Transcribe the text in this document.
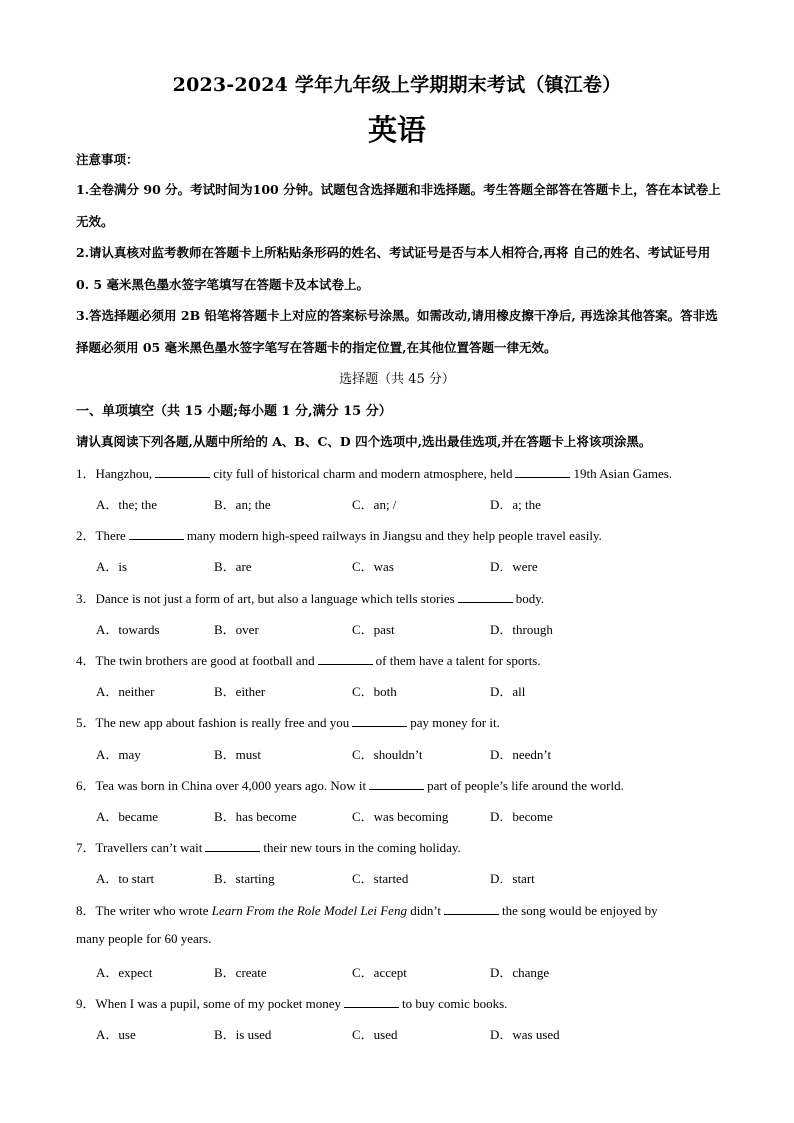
2023-2024 学年九年级上学期期末考试（镇江卷）
英语
注意事项：
1.全卷满分 90 分。考试时间为100 分钟。试题包含选择题和非选择题。考生答题全部答在答题卡上，答在本试卷上无效。
2.请认真核对监考教师在答题卡上所粘贴条形码的姓名、考试证号是否与本人相符合,再将 自己的姓名、考试证号用 0. 5 毫米黑色墨水签字笔填写在答题卡及本试卷上。
3.答选择题必须用 2B 铅笔将答题卡上对应的答案标号涂黑。如需改动,请用橡皮擦干净后, 再选涂其他答案。答非选择题必须用 05 毫米黑色墨水签字笔写在答题卡的指定位置,在其他位置答题一律无效。
选择题（共 45 分）
一、单项填空（共 15 小题;每小题 1 分,满分 15 分）
请认真阅读下列各题,从题中所给的 A、B、C、D 四个选项中,选出最佳选项,并在答题卡上将该项涂黑。
1．Hangzhou,	city full of historical charm and modern atmosphere, held	19th Asian Games.
A．the; the	B．an; the	C．an; /	D．a; the
2．There	many modern high-speed railways in Jiangsu and they help people travel easily.
A．is	B．are	C．was	D．were
3．Dance is not just a form of art, but also a language which tells stories	body.
A．towards	B．over	C．past	D．through
4．The twin brothers are good at football and	of them have a talent for sports.
A．neither	B．either	C．both	D．all
5．The new app about fashion is really free and you	pay money for it.
A．may	B．must	C．shouldn’t	D．needn’t
6．Tea was born in China over 4,000 years ago. Now it	part of people’s life around the world.
A．became	B．has become	C．was becoming	D．become
7．Travellers can’t wait	their new tours in the coming holiday.
A．to start	B．starting	C．started	D．start
8．The writer who wrote Learn From the Role Model Lei Feng didn’t	the song would be enjoyed by
many people for 60 years.
A．expect	B．create	C．accept	D．change
9．When I was a pupil, some of my pocket money	to buy comic books.
A．use	B．is used	C．used	D．was used
